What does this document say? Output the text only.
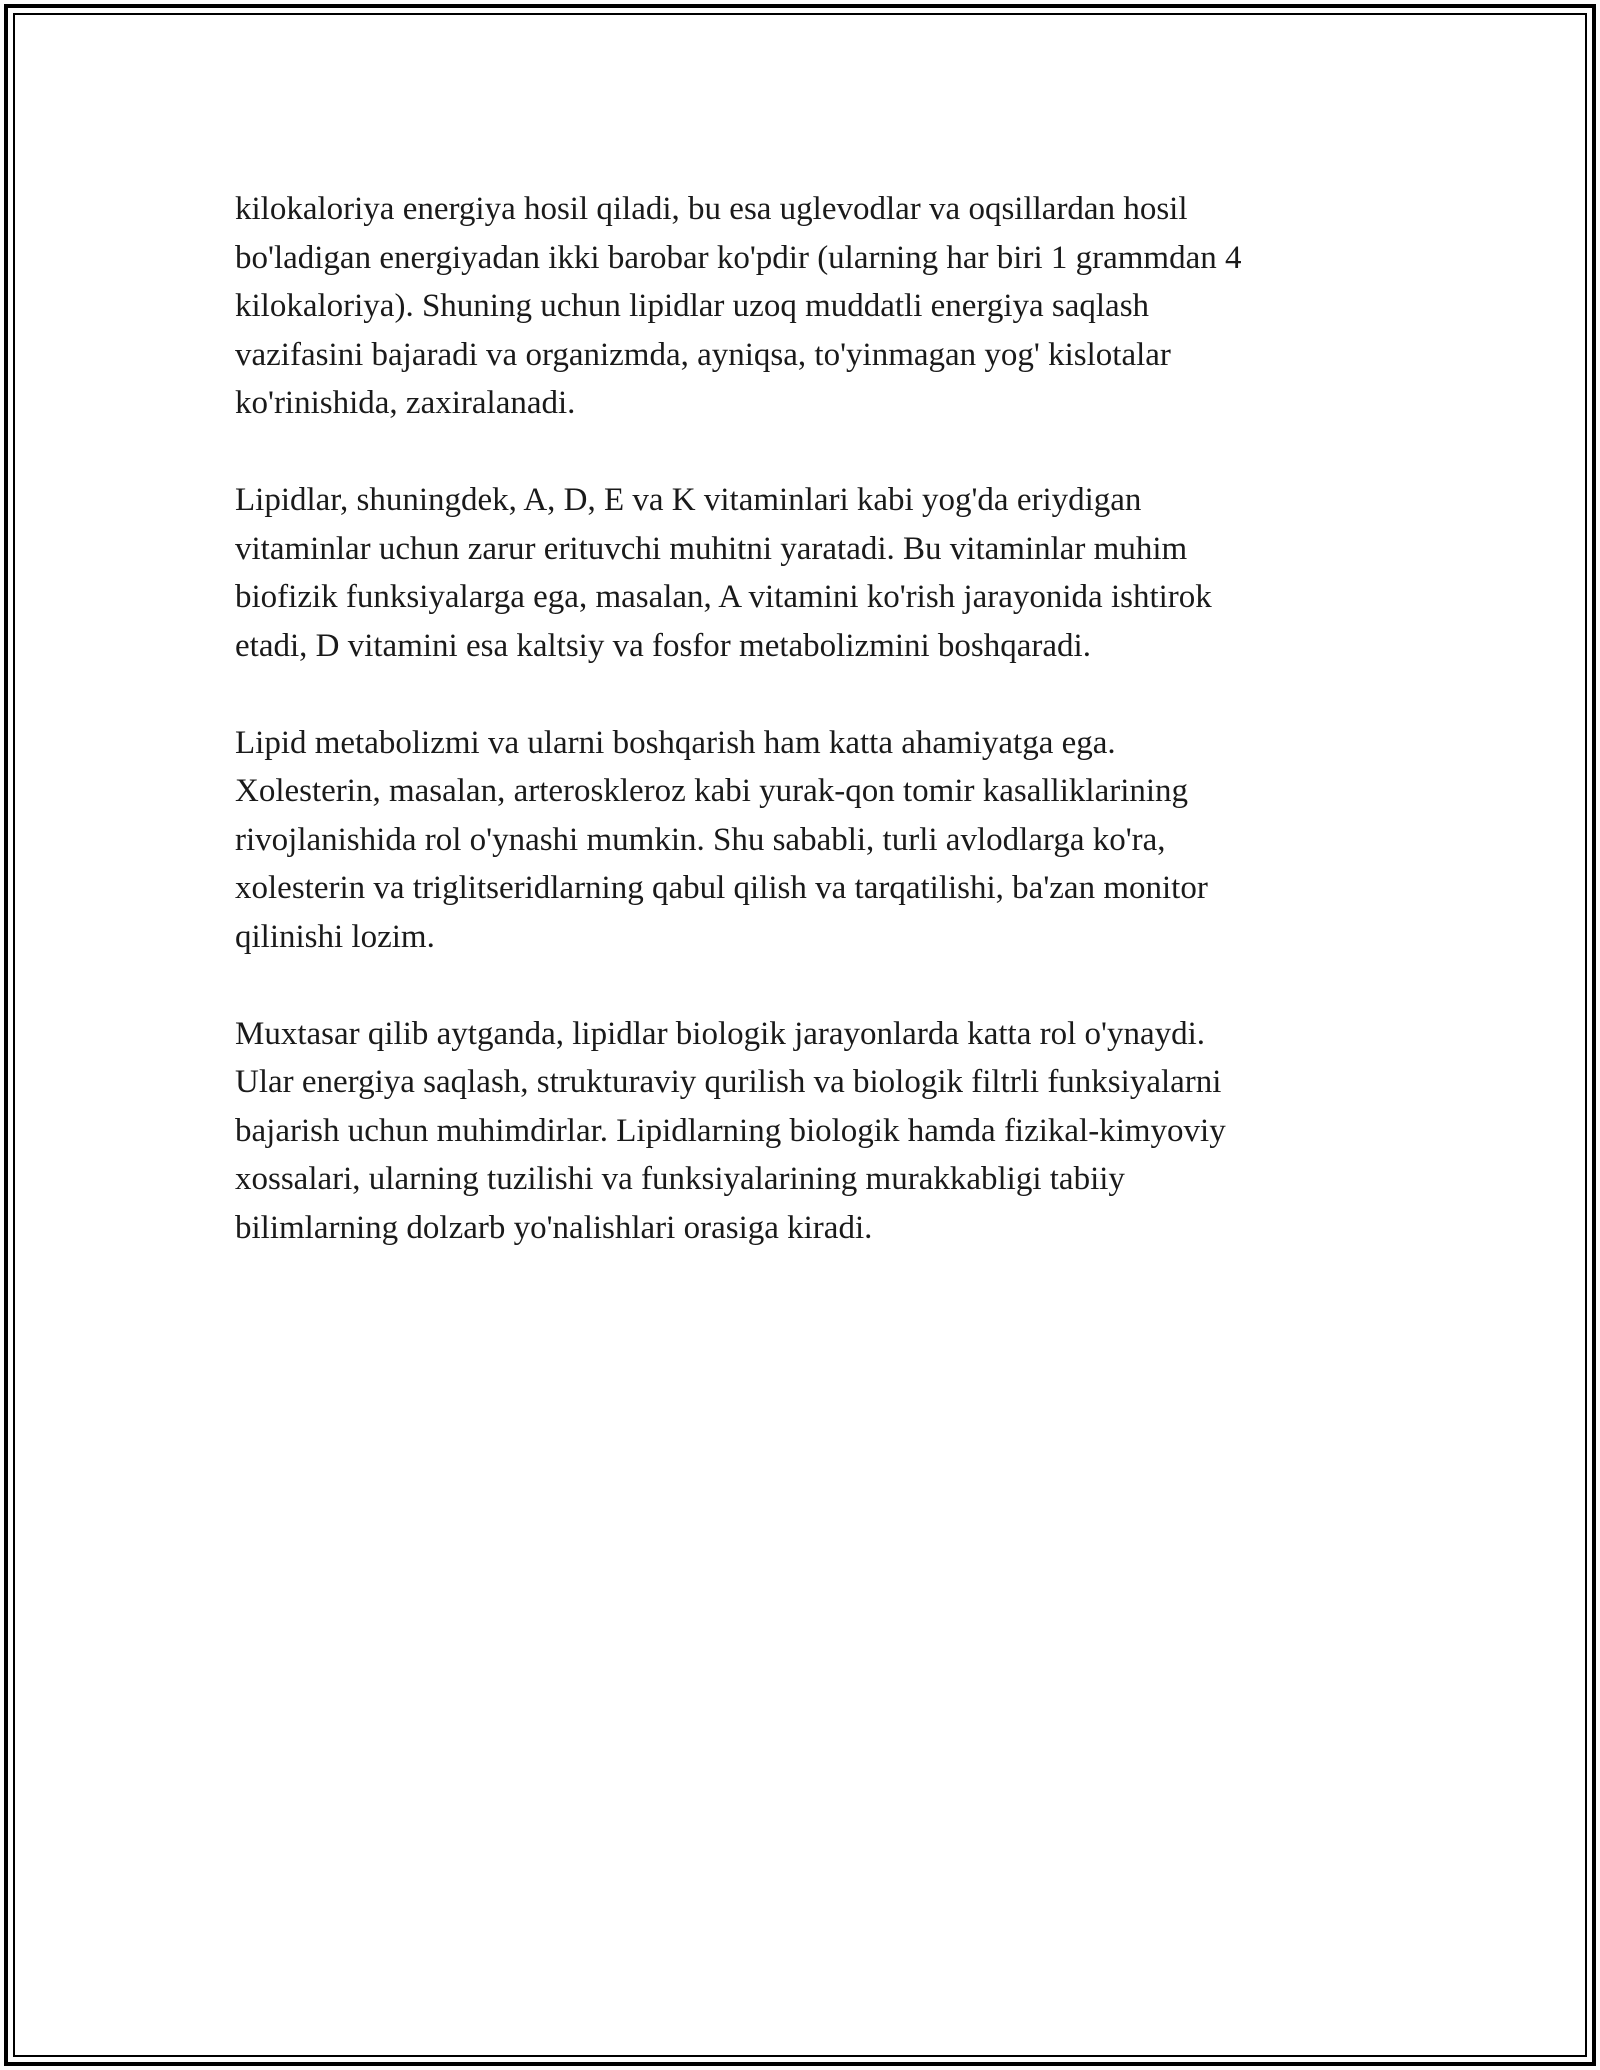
kilokaloriya energiya hosil qiladi, bu esa uglevodlar va oqsillardan hosil
bo'ladigan energiyadan ikki barobar ko'pdir (ularning har biri 1 grammdan 4
kilokaloriya). Shuning uchun lipidlar uzoq muddatli energiya saqlash
vazifasini bajaradi va organizmda, ayniqsa, to'yinmagan yog' kislotalar
ko'rinishida, zaxiralanadi.

Lipidlar, shuningdek, A, D, E va K vitaminlari kabi yog'da eriydigan
vitaminlar uchun zarur erituvchi muhitni yaratadi. Bu vitaminlar muhim
biofizik funksiyalarga ega, masalan, A vitamini ko'rish jarayonida ishtirok
etadi, D vitamini esa kaltsiy va fosfor metabolizmini boshqaradi.

Lipid metabolizmi va ularni boshqarish ham katta ahamiyatga ega.
Xolesterin, masalan, arteroskleroz kabi yurak-qon tomir kasalliklarining
rivojlanishida rol o'ynashi mumkin. Shu sababli, turli avlodlarga ko'ra,
xolesterin va triglitseridlarning qabul qilish va tarqatilishi, ba'zan monitor
qilinishi lozim.

Muxtasar qilib aytganda, lipidlar biologik jarayonlarda katta rol o'ynaydi.
Ular energiya saqlash, strukturaviy qurilish va biologik filtrli funksiyalarni
bajarish uchun muhimdirlar. Lipidlarning biologik hamda fizikal-kimyoviy
xossalari, ularning tuzilishi va funksiyalarining murakkabligi tabiiy
bilimlarning dolzarb yo'nalishlari orasiga kiradi.
